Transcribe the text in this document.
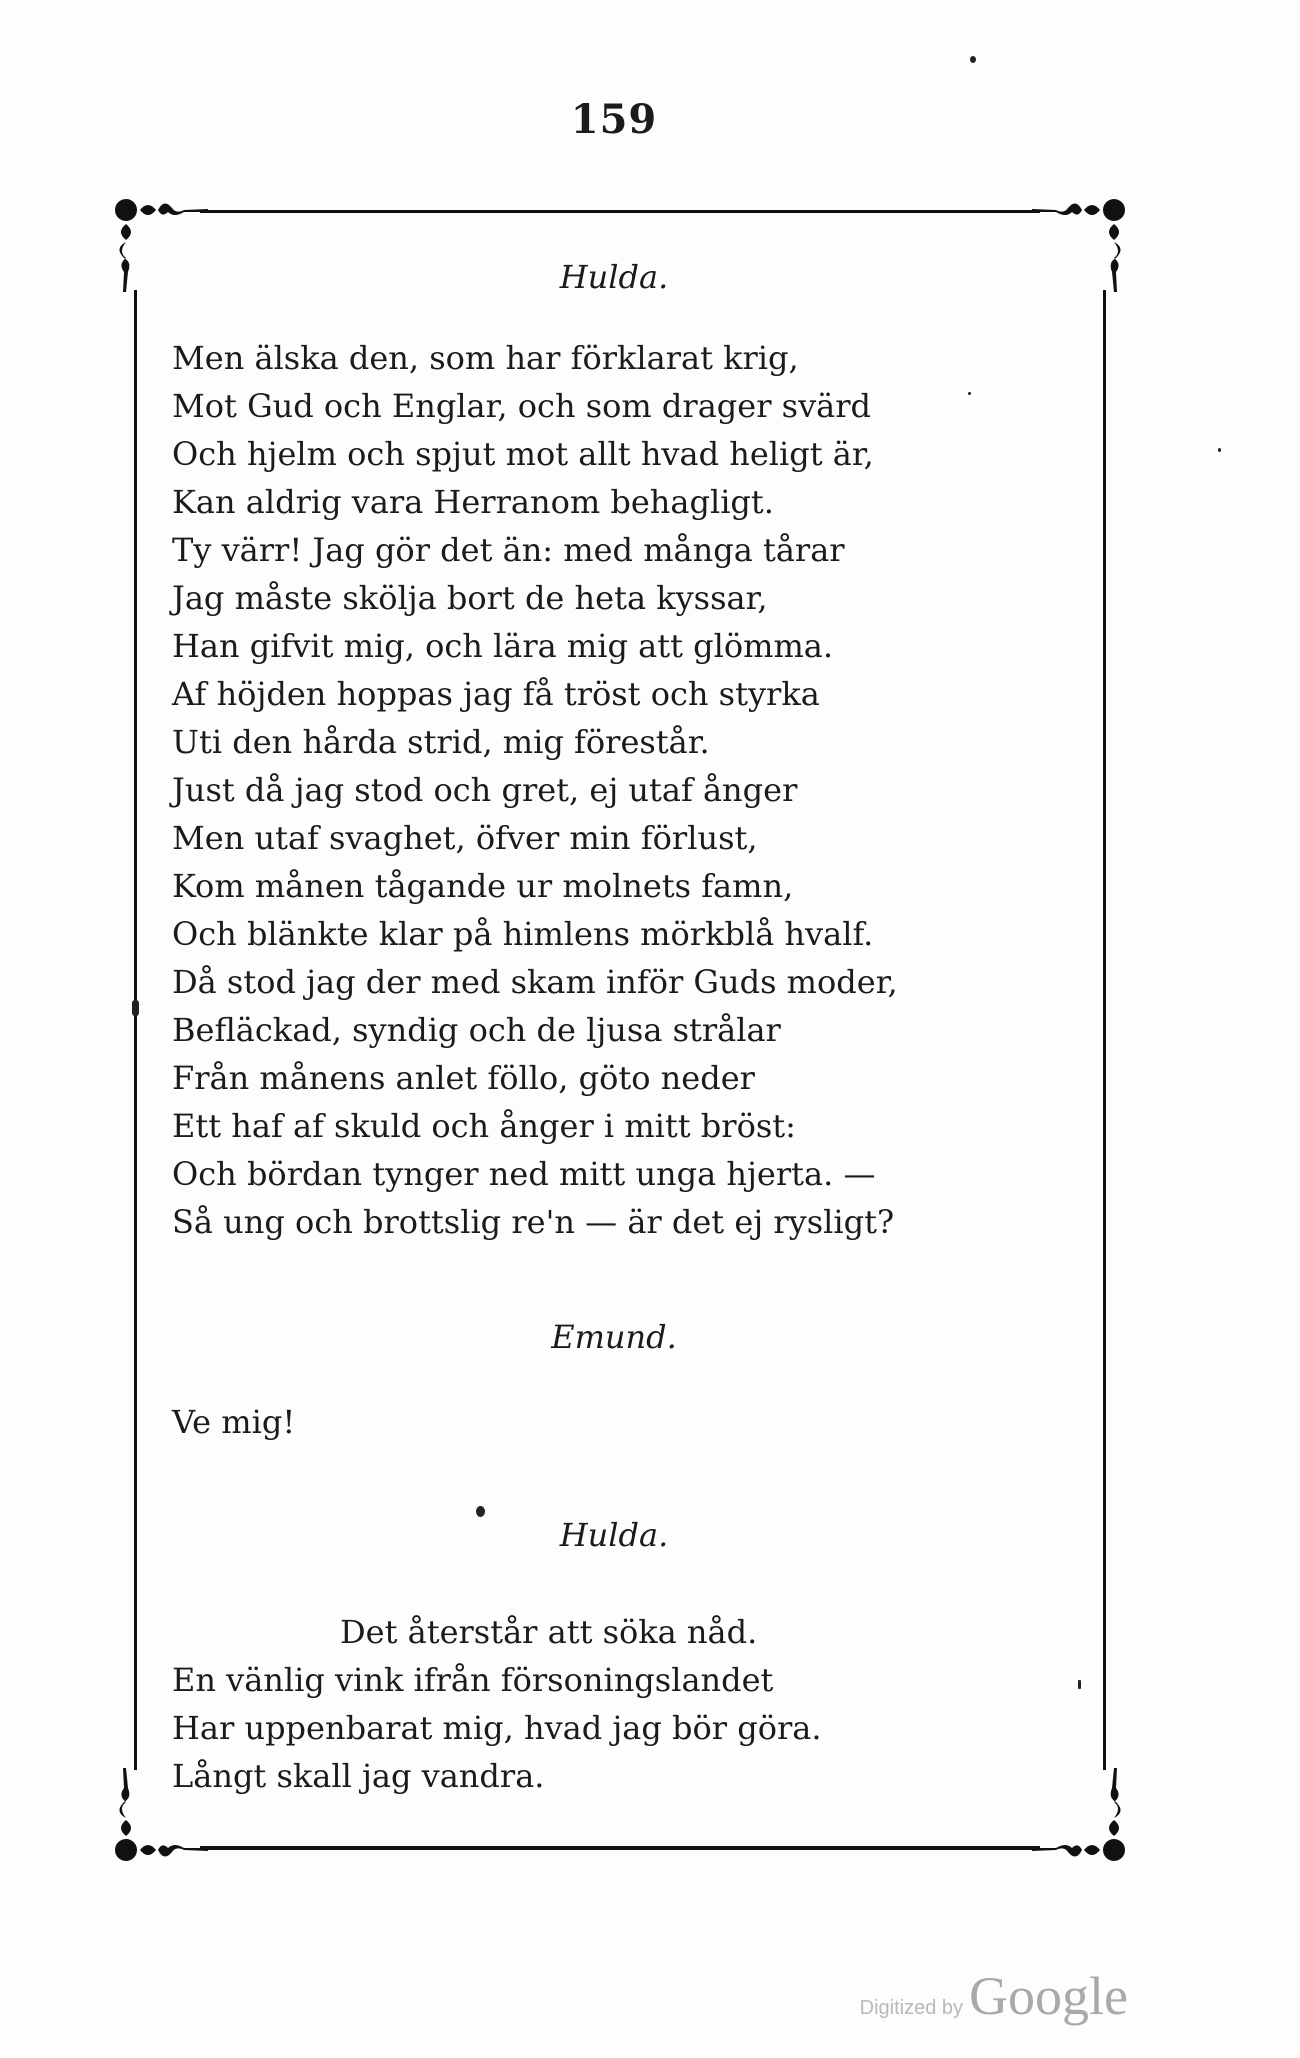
159
Hulda.
Men älska den, som har förklarat krig,
Mot Gud och Englar, och som drager svärd
Och hjelm och spjut mot allt hvad heligt är,
Kan aldrig vara Herranom behagligt.
Ty värr! Jag gör det än: med många tårar
Jag måste skölja bort de heta kyssar,
Han gifvit mig, och lära mig att glömma.
Af höjden hoppas jag få tröst och styrka
Uti den hårda strid, mig förestår.
Just då jag stod och gret, ej utaf ånger
Men utaf svaghet, öfver min förlust,
Kom månen tågande ur molnets famn,
Och blänkte klar på himlens mörkblå hvalf.
Då stod jag der med skam inför Guds moder,
Befläckad, syndig och de ljusa strålar
Från månens anlet föllo, göto neder
Ett haf af skuld och ånger i mitt bröst:
Och bördan tynger ned mitt unga hjerta. —
Så ung och brottslig re'n — är det ej rysligt?
Emund.
Ve mig!
Hulda.
Det återstår att söka nåd.
En vänlig vink ifrån försoningslandet
Har uppenbarat mig, hvad jag bör göra.
Långt skall jag vandra.
Digitized by Google
